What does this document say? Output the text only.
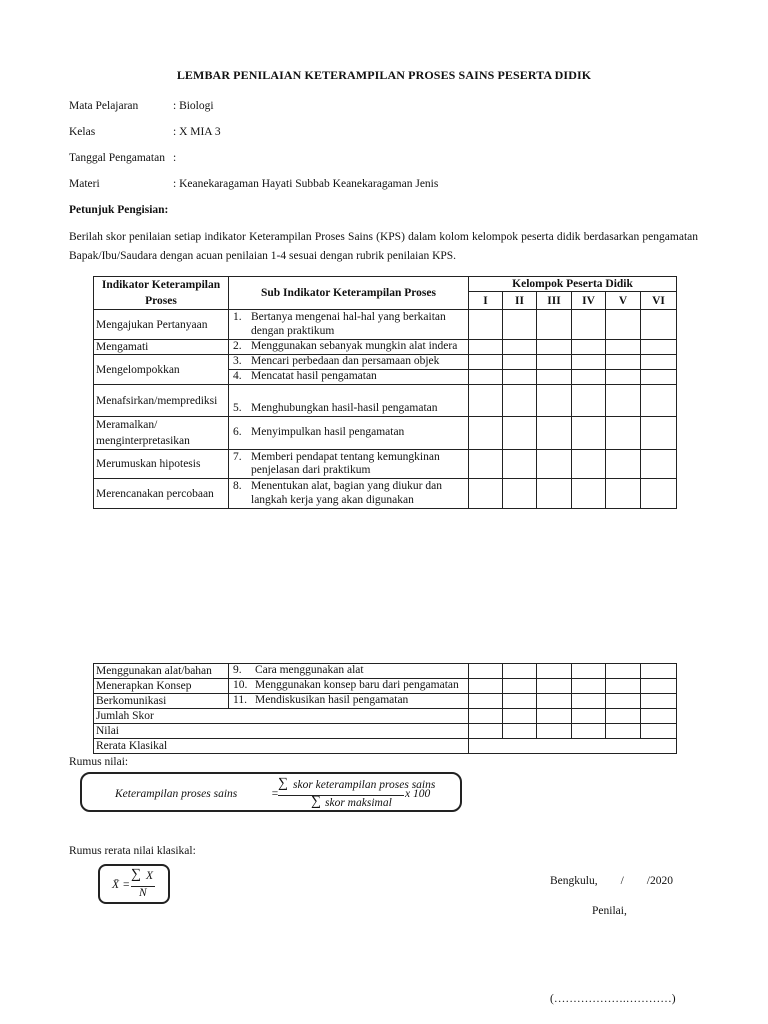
LEMBAR PENILAIAN KETERAMPILAN PROSES SAINS PESERTA DIDIK
Mata Pelajaran	: Biologi
Kelas	: X MIA 3
Tanggal Pengamatan :
Materi	: Keanekaragaman Hayati Subbab Keanekaragaman Jenis
Petunjuk Pengisian:
Berilah skor penilaian setiap indikator Keterampilan Proses Sains (KPS) dalam kolom kelompok peserta didik berdasarkan pengamatan Bapak/Ibu/Saudara dengan acuan penilaian 1-4 sesuai dengan rubrik penilaian KPS.
Indikator Keterampilan Proses	Sub Indikator Keterampilan Proses	Kelompok Peserta Didik					
		I	II	III	IV	V	VI
Mengajukan Pertanyaan	1. Bertanya mengenai hal-hal yang berkaitan dengan praktikum						

Mengamati	2. Menggunakan sebanyak mungkin alat indera						

Mengelompokkan	3. Mencari perbedaan dan persamaan objek						

	4. Mencatat hasil pengamatan						

Menafsirkan/memprediksi	5. Menghubungkan hasil-hasil pengamatan						

Meramalkan/ menginterpretasikan	6. Menyimpulkan hasil pengamatan						

Merumuskan hipotesis	7. Memberi pendapat tentang kemungkinan penjelasan dari praktikum						

Merencanakan percobaan	8. Menentukan alat, bagian yang diukur dan langkah kerja yang akan digunakan						

Menggunakan alat/bahan	9. Cara menggunakan alat						

Menerapkan Konsep	10. Menggunakan konsep baru dari pengamatan						

Berkomunikasi	11. Mendiskusikan hasil pengamatan						

Jumlah Skor							
Nilai							
Rerata Klasikal							
Rumus nilai:
Keterampilan proses sains	=
∑ skor keterampilan proses sains
∑ skor maksimal
x 100
Rumus rerata nilai klasikal:
X̄ =
∑ X
N
Bengkulu,        /        /2020
Penilai,
(……………….…………)
